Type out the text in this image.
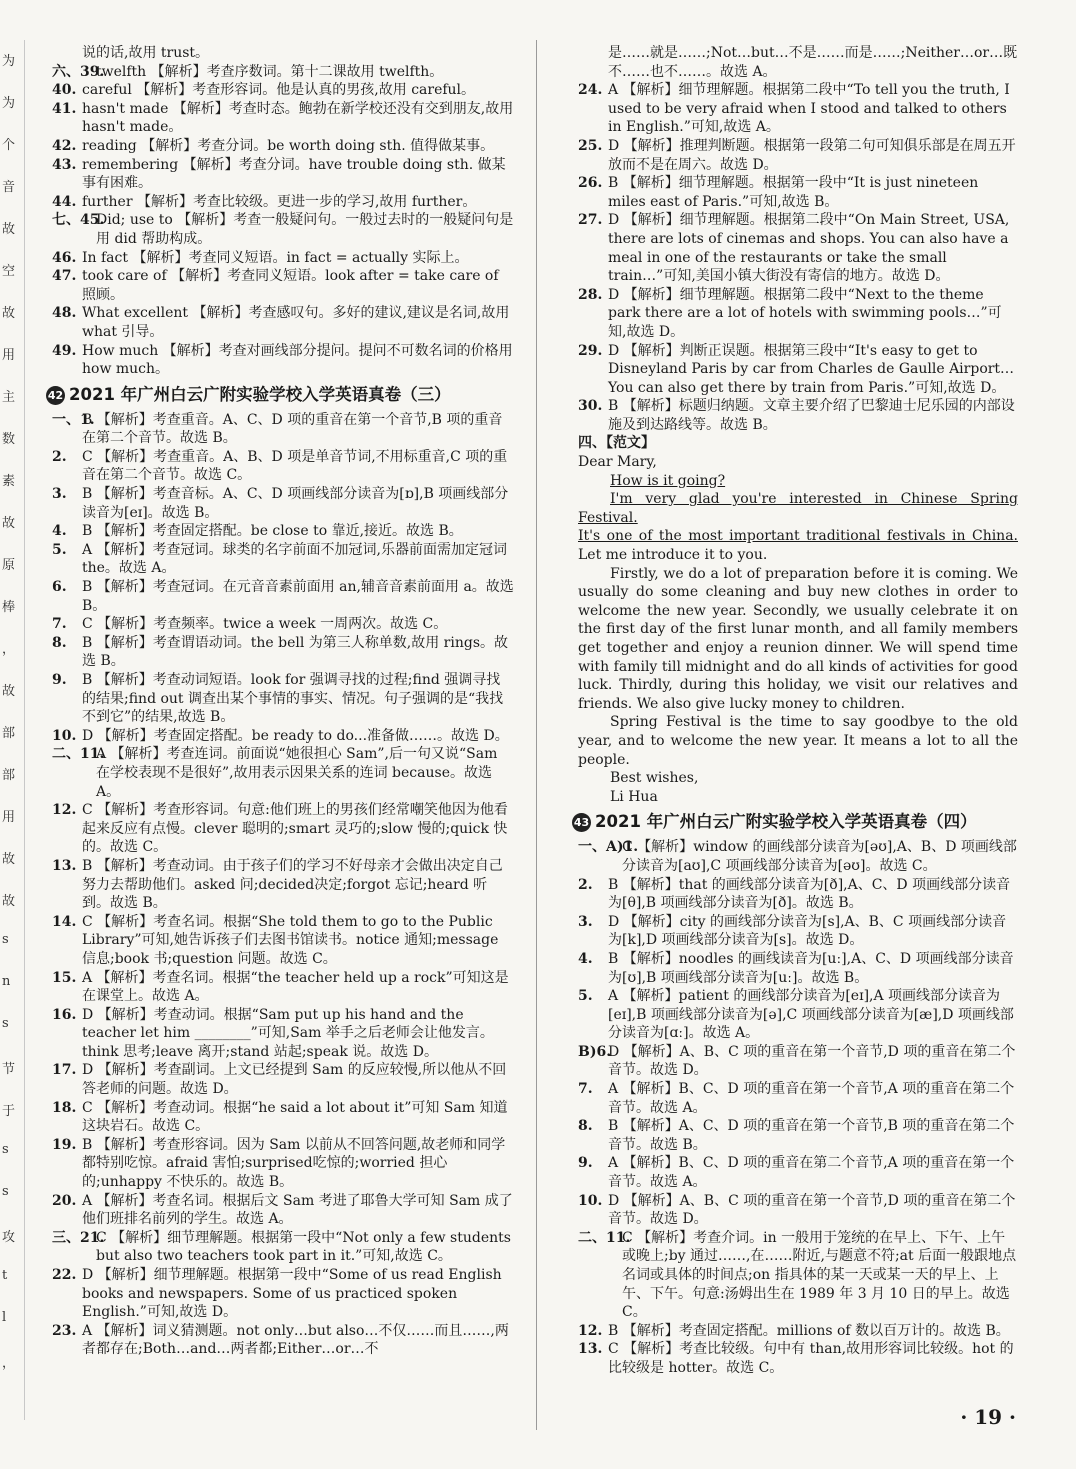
为
为
个
音
故
空
故
用
主
数
素
故
原
棒
，
故
部
部
用
故
故
s
n
s
节
于
s
s
攻
t
l
，
说的话,故用 trust。
六、39.
twelfth 【解析】考查序数词。第十二课故用 twelfth。
40. careful 【解析】考查形容词。他是认真的男孩,故用 careful。
41. hasn't made 【解析】考查时态。鲍勃在新学校还没有交到朋友,故用 hasn't made。
42. reading 【解析】考查分词。be worth doing sth. 值得做某事。
43. remembering 【解析】考查分词。have trouble doing sth. 做某事有困难。
44. further 【解析】考查比较级。更进一步的学习,故用 further。
七、45.
Did; use to 【解析】考查一般疑问句。一般过去时的一般疑问句是用 did 帮助构成。
46. In fact 【解析】考查同义短语。in fact = actually 实际上。
47. took care of 【解析】考查同义短语。look after = take care of 照顾。
48. What excellent 【解析】考查感叹句。多好的建议,建议是名词,故用 what 引导。
49. How much 【解析】考查对画线部分提问。提问不可数名词的价格用 how much。
42 2021 年广州白云广附实验学校入学英语真卷（三）
一、1.
B 【解析】考查重音。A、C、D 项的重音在第一个音节,B 项的重音在第二个音节。故选 B。
2. C 【解析】考查重音。A、B、D 项是单音节词,不用标重音,C 项的重音在第二个音节。故选 C。
3. B 【解析】考查音标。A、C、D 项画线部分读音为[ɒ],B 项画线部分读音为[eɪ]。故选 B。
4. B 【解析】考查固定搭配。be close to 靠近,接近。故选 B。
5. A 【解析】考查冠词。球类的名字前面不加冠词,乐器前面需加定冠词 the。故选 A。
6. B 【解析】考查冠词。在元音音素前面用 an,辅音音素前面用 a。故选 B。
7. C 【解析】考查频率。twice a week 一周两次。故选 C。
8. B 【解析】考查谓语动词。the bell 为第三人称单数,故用 rings。故选 B。
9. B 【解析】考查动词短语。look for 强调寻找的过程;find 强调寻找的结果;find out 调查出某个事情的事实、情况。句子强调的是“我找不到它”的结果,故选 B。
10. D 【解析】考查固定搭配。be ready to do...准备做……。故选 D。
二、11.
A 【解析】考查连词。前面说“她很担心 Sam”,后一句又说“Sam 在学校表现不是很好”,故用表示因果关系的连词 because。故选 A。
12. C 【解析】考查形容词。句意:他们班上的男孩们经常嘲笑他因为他看起来反应有点慢。clever 聪明的;smart 灵巧的;slow 慢的;quick 快的。故选 C。
13. B 【解析】考查动词。由于孩子们的学习不好母亲才会做出决定自己努力去帮助他们。asked 问;decided决定;forgot 忘记;heard 听到。故选 B。
14. C 【解析】考查名词。根据“She told them to go to the Public Library”可知,她告诉孩子们去图书馆读书。notice 通知;message 信息;book 书;question 问题。故选 C。
15. A 【解析】考查名词。根据“the teacher held up a rock”可知这是在课堂上。故选 A。
16. D 【解析】考查动词。根据“Sam put up his hand and the teacher let him ________”可知,Sam 举手之后老师会让他发言。think 思考;leave 离开;stand 站起;speak 说。故选 D。
17. D 【解析】考查副词。上文已经提到 Sam 的反应较慢,所以他从不回答老师的问题。故选 D。
18. C 【解析】考查动词。根据“he said a lot about it”可知 Sam 知道这块岩石。故选 C。
19. B 【解析】考查形容词。因为 Sam 以前从不回答问题,故老师和同学都特别吃惊。afraid 害怕;surprised吃惊的;worried 担心的;unhappy 不快乐的。故选 B。
20. A 【解析】考查名词。根据后文 Sam 考进了耶鲁大学可知 Sam 成了他们班排名前列的学生。故选 A。
三、21.
C 【解析】细节理解题。根据第一段中“Not only a few students but also two teachers took part in it.”可知,故选 C。
22. D 【解析】细节理解题。根据第一段中“Some of us read English books and newspapers. Some of us practiced spoken English.”可知,故选 D。
23. A 【解析】词义猜测题。not only…but also…不仅……而且……,两者都存在;Both…and…两者都;Either…or…不
是……就是……;Not…but…不是……而是……;Neither…or…既不……也不……。故选 A。
24. A 【解析】细节理解题。根据第二段中“To tell you the truth, I used to be very afraid when I stood and talked to others in English.”可知,故选 A。
25. D 【解析】推理判断题。根据第一段第二句可知俱乐部是在周五开放而不是在周六。故选 D。
26. B 【解析】细节理解题。根据第一段中“It is just nineteen miles east of Paris.”可知,故选 B。
27. D 【解析】细节理解题。根据第二段中“On Main Street, USA, there are lots of cinemas and shops. You can also have a meal in one of the restaurants or take the small train…”可知,美国小镇大街没有寄信的地方。故选 D。
28. D 【解析】细节理解题。根据第二段中“Next to the theme park there are a lot of hotels with swimming pools…”可知,故选 D。
29. D 【解析】判断正误题。根据第三段中“It's easy to get to Disneyland Paris by car from Charles de Gaulle Airport… You can also get there by train from Paris.”可知,故选 D。
30. B 【解析】标题归纳题。文章主要介绍了巴黎迪士尼乐园的内部设施及到达路线等。故选 B。

四、【范文】

Dear Mary,

How is it going?

I'm very glad you're interested in Chinese Spring Festival.

It's one of the most important traditional festivals in China. Let me introduce it to you.

Firstly, we do a lot of preparation before it is coming. We usually do some cleaning and buy new clothes in order to welcome the new year. Secondly, we usually celebrate it on the first day of the first lunar month, and all family members get together and enjoy a reunion dinner. We will spend time with family till midnight and do all kinds of activities for good luck. Thirdly, during this holiday, we visit our relatives and friends. We also give lucky money to children.

Spring Festival is the time to say goodbye to the old year, and to welcome the new year. It means a lot to all the people.

Best wishes,

Li Hua

43 2021 年广州白云广附实验学校入学英语真卷（四）
一、A)1.
C 【解析】window 的画线部分读音为[əʊ],A、B、D 项画线部分读音为[aʊ],C 项画线部分读音为[əʊ]。故选 C。
2. B 【解析】that 的画线部分读音为[ð],A、C、D 项画线部分读音为[θ],B 项画线部分读音为[ð]。故选 B。
3. D 【解析】city 的画线部分读音为[s],A、B、C 项画线部分读音为[k],D 项画线部分读音为[s]。故选 D。
4. B 【解析】noodles 的画线读音为[uː],A、C、D 项画线部分读音为[ʊ],B 项画线部分读音为[uː]。故选 B。
5. A 【解析】patient 的画线部分读音为[eɪ],A 项画线部分读音为[eɪ],B 项画线部分读音为[ə],C 项画线部分读音为[æ],D 项画线部分读音为[ɑː]。故选 A。
B)6.
D 【解析】A、B、C 项的重音在第一个音节,D 项的重音在第二个音节。故选 D。
7. A 【解析】B、C、D 项的重音在第一个音节,A 项的重音在第二个音节。故选 A。
8. B 【解析】A、C、D 项的重音在第一个音节,B 项的重音在第二个音节。故选 B。
9. A 【解析】B、C、D 项的重音在第二个音节,A 项的重音在第一个音节。故选 A。
10. D 【解析】A、B、C 项的重音在第一个音节,D 项的重音在第二个音节。故选 D。
二、11.
C 【解析】考查介词。in 一般用于笼统的在早上、下午、上午或晚上;by 通过……,在……附近,与题意不符;at 后面一般跟地点名词或具体的时间点;on 指具体的某一天或某一天的早上、上午、下午。句意:汤姆出生在 1989 年 3 月 10 日的早上。故选 C。
12. B 【解析】考查固定搭配。millions of 数以百万计的。故选 B。
13. C 【解析】考查比较级。句中有 than,故用形容词比较级。hot 的比较级是 hotter。故选 C。
· 19 ·
